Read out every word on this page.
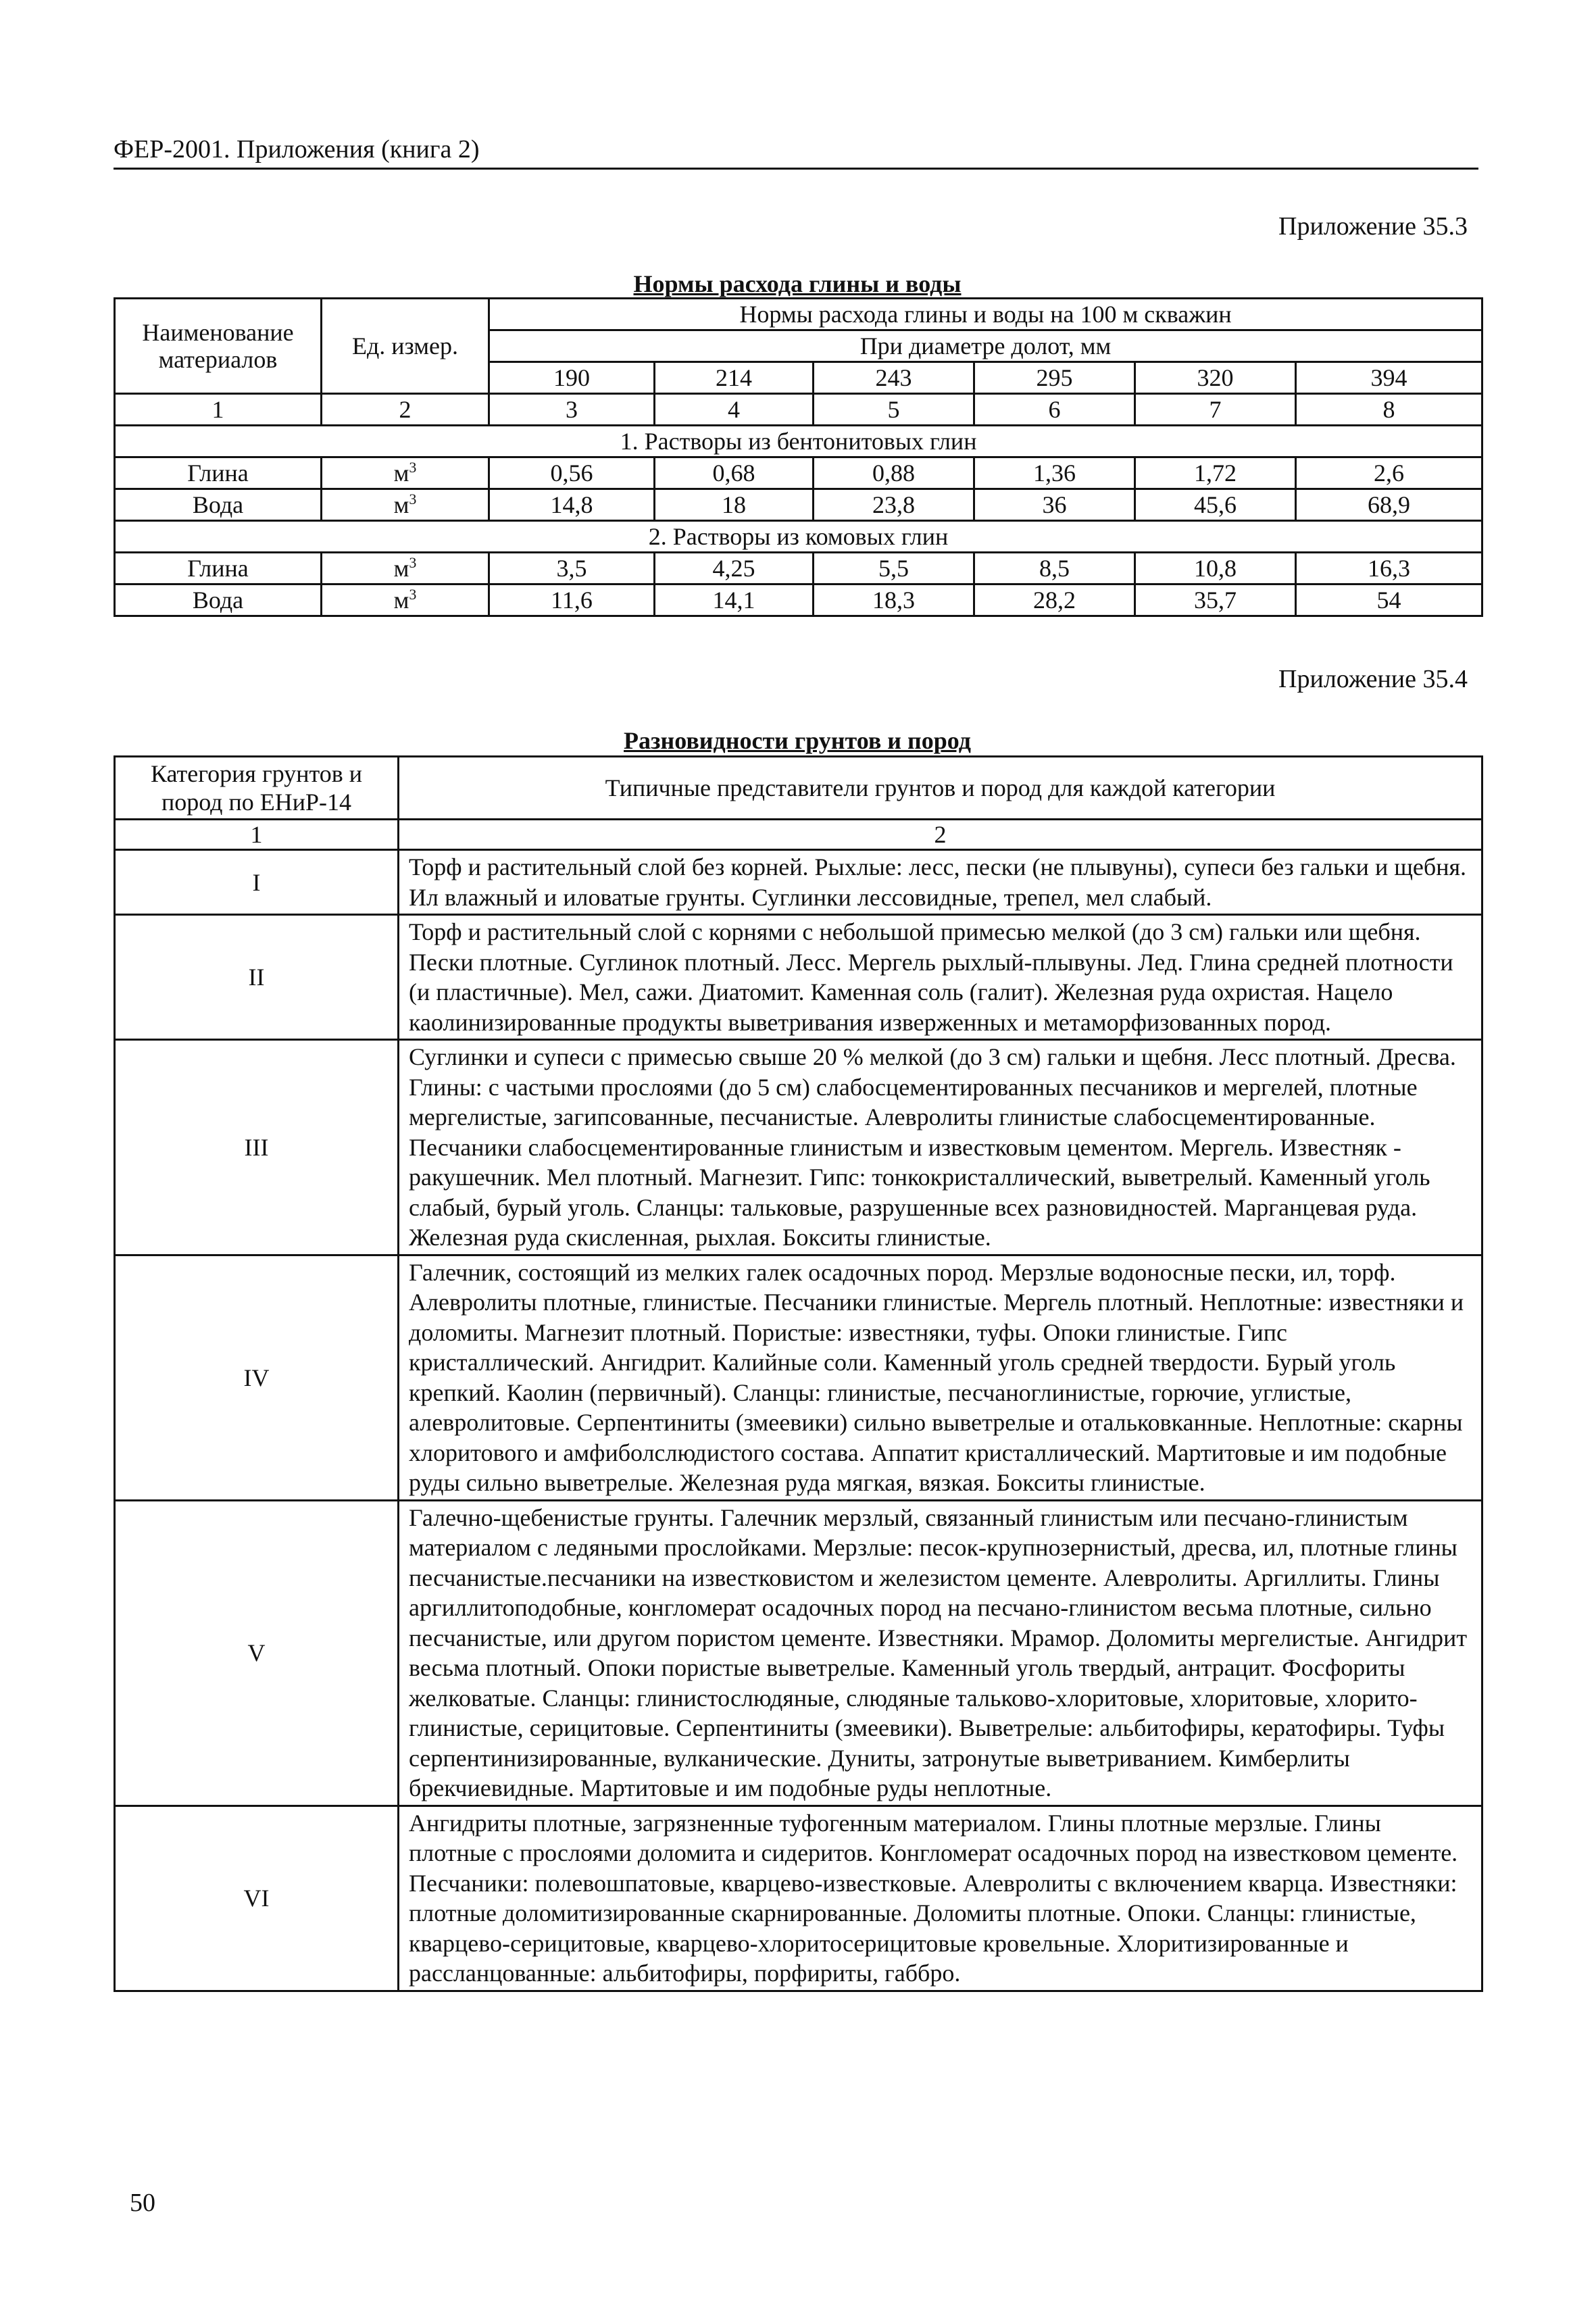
ФЕР-2001. Приложения (книга 2)
Приложение 35.3
Нормы расхода глины и воды
Наименование материалов	Ед. измер.	Нормы расхода глины и воды на 100 м скважин					
		При диаметре долот, мм					
		190	214	243	295	320	394
1	2	3	4	5	6	7	8
1. Растворы из бентонитовых глин							
Глина	$м^3$	0,56	0,68	0,88	1,36	1,72	2,6
Вода	$м^3$	14,8	18	23,8	36	45,6	68,9
2. Растворы из комовых глин							
Глина	$м^3$	3,5	4,25	5,5	8,5	10,8	16,3
Вода	$м^3$	11,6	14,1	18,3	28,2	35,7	54
Приложение 35.4
Разновидности грунтов и пород
Категория грунтов и пород по ЕНиР-14	Типичные представители грунтов и пород для каждой категории
1	2
I	Торф и растительный слой без корней. Рыхлые: лесс, пески (не плывуны), супеси без гальки и щебня. Ил влажный и иловатые грунты. Суглинки лессовидные, трепел, мел слабый.
II	Торф и растительный слой с корнями с небольшой примесью мелкой (до 3 см) гальки или щебня. Пески плотные. Суглинок плотный. Лесс. Мергель рыхлый-плывуны. Лед. Глина средней плотности (и пластичные). Мел, сажи. Диатомит. Каменная соль (галит). Железная руда охристая. Нацело каолинизированные продукты выветривания изверженных и метаморфизованных пород.
III	Суглинки и супеси с примесью свыше 20 % мелкой (до 3 см) гальки и щебня. Лесс плотный. Дресва. Глины: с частыми прослоями (до 5 см) слабосцементированных песчаников и мергелей, плотные мергелистые, загипсованные, песчанистые. Алевролиты глинистые слабосцементированные. Песчаники слабосцементированные глинистым и известковым цементом. Мергель. Известняк - ракушечник. Мел плотный. Магнезит. Гипс: тонкокристаллический, выветрелый. Каменный уголь слабый, бурый уголь. Сланцы: тальковые, разрушенные всех разновидностей. Марганцевая руда. Железная руда скисленная, рыхлая. Бокситы глинистые.
IV	Галечник, состоящий из мелких галек осадочных пород. Мерзлые водоносные пески, ил, торф. Алевролиты плотные, глинистые. Песчаники глинистые. Мергель плотный. Неплотные: известняки и доломиты. Магнезит плотный. Пористые: известняки, туфы. Опоки глинистые. Гипс кристаллический. Ангидрит. Калийные соли. Каменный уголь средней твердости. Бурый уголь крепкий. Каолин (первичный). Сланцы: глинистые, песчаноглинистые, горючие, углистые, алевролитовые. Серпентиниты (змеевики) сильно выветрелые и отальковканные. Неплотные: скарны хлоритового и амфиболслюдистого состава. Аппатит кристаллический. Мартитовые и им подобные руды сильно выветрелые. Железная руда мягкая, вязкая. Бокситы глинистые.
V	Галечно-щебенистые грунты. Галечник мерзлый, связанный глинистым или песчано-глинистым материалом с ледяными прослойками. Мерзлые: песок-крупнозернистый, дресва, ил, плотные глины песчанистые.песчаники на известковистом и железистом цементе. Алевролиты. Аргиллиты. Глины аргиллитоподобные, конгломерат осадочных пород на песчано-глинистом весьма плотные, сильно песчанистые, или другом пористом цементе. Известняки. Мрамор. Доломиты мергелистые. Ангидрит весьма плотный. Опоки пористые выветрелые. Каменный уголь твердый, антрацит. Фосфориты желковатые. Сланцы: глинистослюдяные, слюдяные тальково-хлоритовые, хлоритовые, хлорито-глинистые, серицитовые. Серпентиниты (змеевики). Выветрелые: альбитофиры, кератофиры. Туфы серпентинизированные, вулканические. Дуниты, затронутые выветриванием. Кимберлиты брекчиевидные. Мартитовые и им подобные руды неплотные.
VI	Ангидриты плотные, загрязненные туфогенным материалом. Глины плотные мерзлые. Глины плотные с прослоями доломита и сидеритов. Конгломерат осадочных пород на известковом цементе. Песчаники: полевошпатовые, кварцево-известковые. Алевролиты с включением кварца. Известняки: плотные доломитизированные скарнированные. Доломиты плотные. Опоки. Сланцы: глинистые, кварцево-серицитовые, кварцево-хлоритосерицитовые кровельные. Хлоритизированные и рассланцованные: альбитофиры, порфириты, габбро.
50
